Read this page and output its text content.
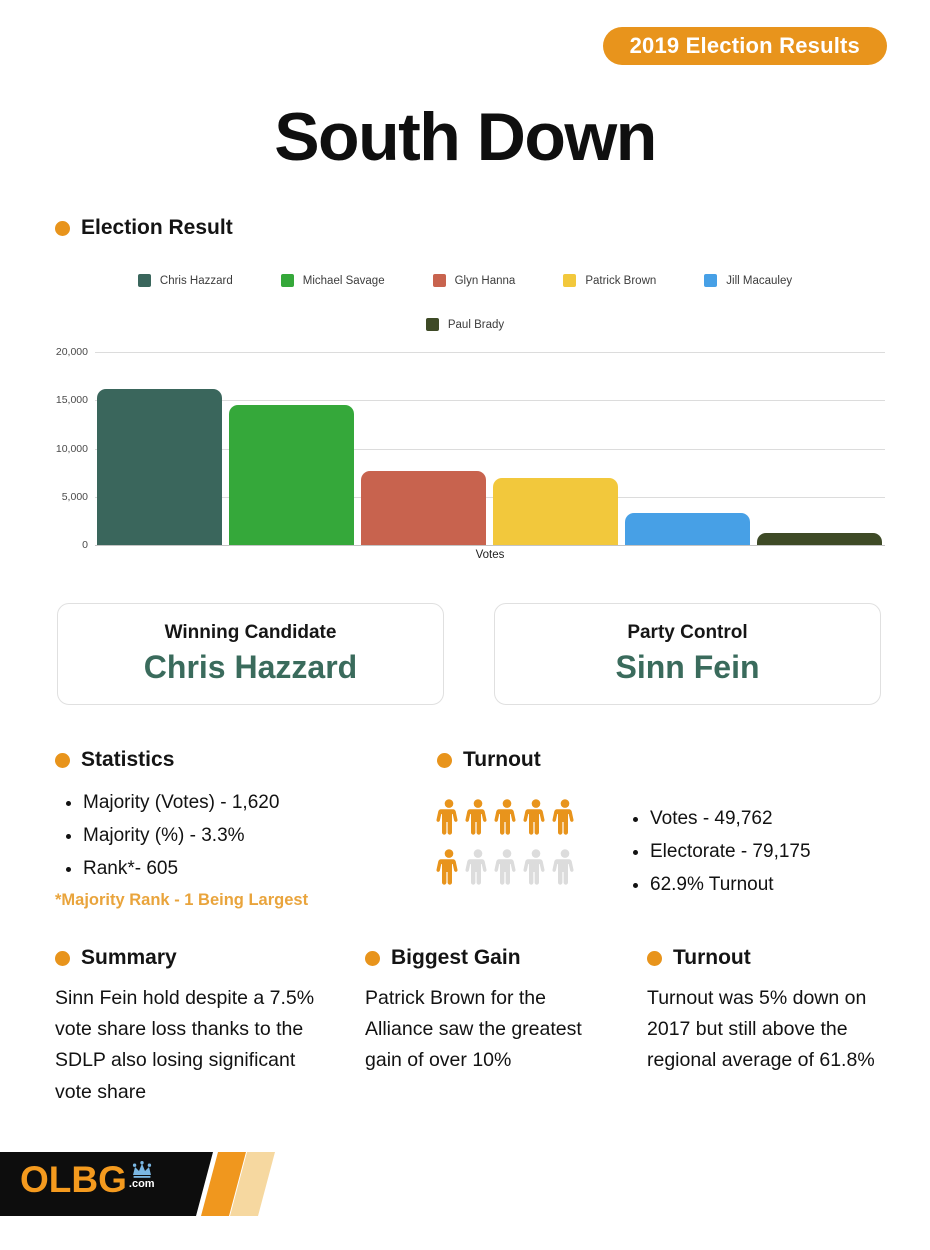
2019 Election Results
South Down
Election Result
Chris Hazzard	Michael Savage	Glyn Hanna	Patrick Brown	Jill Macauley
Paul Brady
20,000
15,000
10,000
5,000
0
Votes
Winning Candidate
Chris Hazzard
Party Control
Sinn Fein
Statistics
• Majority (Votes) - 1,620
• Majority (%) - 3.3%
• Rank*- 605
*Majority Rank - 1 Being Largest
Turnout
• Votes - 49,762
• Electorate - 79,175
• 62.9% Turnout
Summary

Sinn Fein hold despite a 7.5% vote share loss thanks to the SDLP also losing significant vote share

Biggest Gain

Patrick Brown for the Alliance saw the greatest gain of over 10%

Turnout

Turnout was 5% down on 2017 but still above the regional average of 61.8%

OLBG .com
